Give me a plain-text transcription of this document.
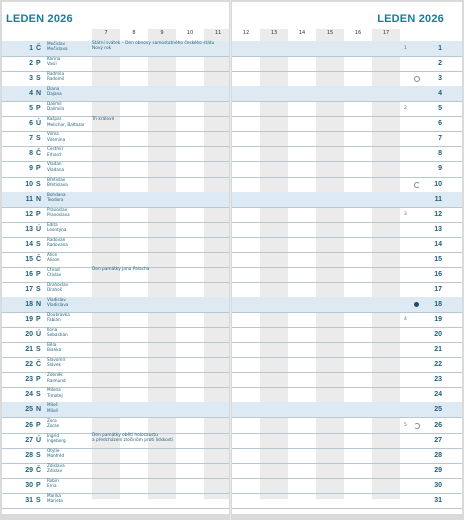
LEDEN 2026
7	8	9	10	11
1 Č
Mečislav
Mečislava
Státní svátek – Den obnovy samostatného českého státu
Nový rok
2 P
Karina
Vasil
3 S
Radmila
Radomil
4 N
Diana
Dajana
5 P
Dalimil
Dalimila
6 Ú
Kašpar
Melichar, Baltazar
Tři králové
7 S
Vilma
Vilemína
8 Č
Čestmír
Erhard
9 P
Vladan
Vladana
10 S
Břetislav
Břetislava
11 N
Bohdana
Teodora
12 P
Pravoslav
Pravoslava
13 Ú
Edita
Leontýna
14 S
Radovan
Radovana
15 Č
Alice
Alison
16 P
Ctirad
Ctislav
Den památky Jana Palacha
17 S
Drahoslav
Drahoš
18 N
Vladislav
Vladislava
19 P
Doubravka
Fabián
20 Ú
Ilona
Sebastián
21 S
Běla
Bianka
22 Č
Slavomír
Slávek
23 P
Zdeněk
Raimund
24 S
Milena
Timotej
25 N
Miloš
Miloň
26 P
Zora
Zoran
27 Ú
Ingrid
Ingeborg
Den památky obětí holocaustu
a předcházení zločinům proti lidskosti
28 S
Otýlie
Manfréd
29 Č
Zdislava
Zdislav
30 P
Robin
Erna
31 S
Marika
Marieta
LEDEN 2026
12	13	14	15	16	17
1	1
2
3
4
2	5
6
7
8
9
10
11
3	12
13
14
15
16
17
18
4	19
20
21
22
23
24
25
5	26
27
28
29
30
31
